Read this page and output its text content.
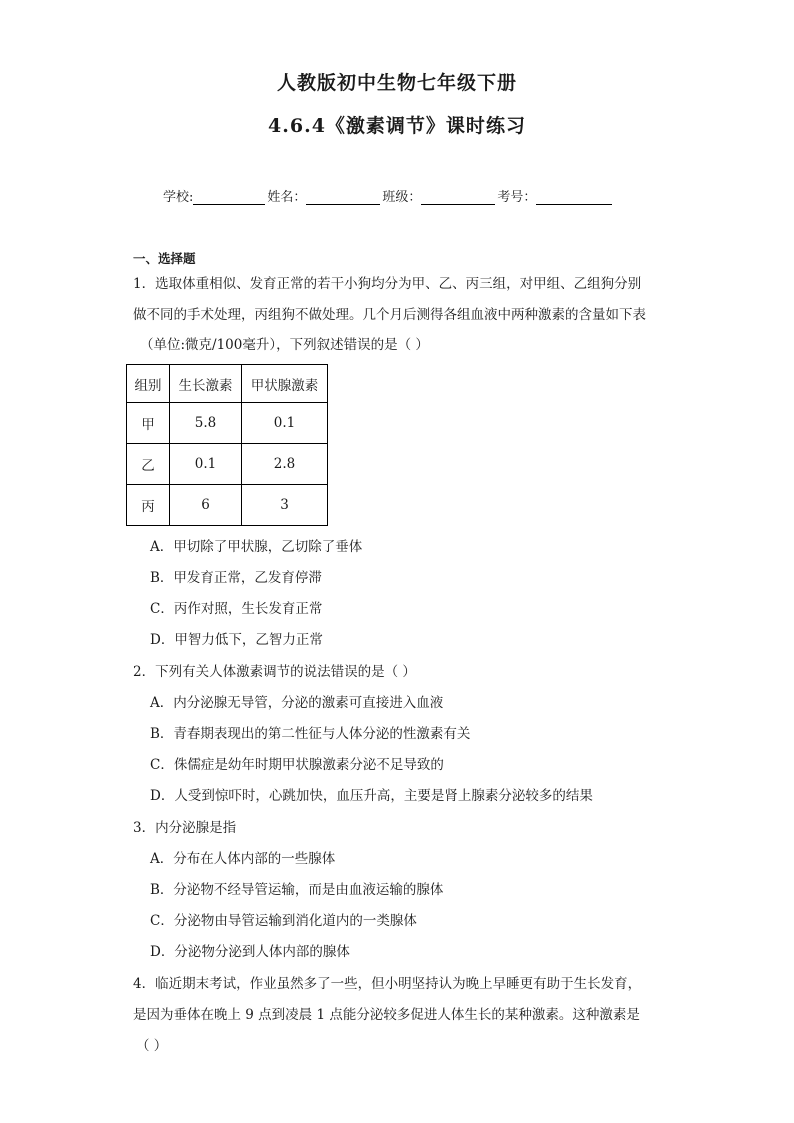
人教版初中生物七年级下册
4.6.4《激素调节》课时练习
学校:	姓名：	班级：	考号：
一、选择题
1．选取体重相似、发育正常的若干小狗均分为甲、乙、丙三组，对甲组、乙组狗分别
做不同的手术处理，丙组狗不做处理。几个月后测得各组血液中两种激素的含量如下表
（单位:微克/100毫升），下列叙述错误的是（ ）
组别	生长激素	甲状腺激素
甲	5.8	0.1
乙	0.1	2.8
丙	6	3
A．甲切除了甲状腺，乙切除了垂体
B．甲发育正常，乙发育停滞
C．丙作对照，生长发育正常
D．甲智力低下，乙智力正常
2．下列有关人体激素调节的说法错误的是（ ）
A．内分泌腺无导管，分泌的激素可直接进入血液
B．青春期表现出的第二性征与人体分泌的性激素有关
C．侏儒症是幼年时期甲状腺激素分泌不足导致的
D．人受到惊吓时，心跳加快，血压升高，主要是肾上腺素分泌较多的结果
3．内分泌腺是指
A．分布在人体内部的一些腺体
B．分泌物不经导管运输，而是由血液运输的腺体
C．分泌物由导管运输到消化道内的一类腺体
D．分泌物分泌到人体内部的腺体
4．临近期末考试，作业虽然多了一些，但小明坚持认为晚上早睡更有助于生长发育，
是因为垂体在晚上 9 点到凌晨 1 点能分泌较多促进人体生长的某种激素。这种激素是
（ ）
